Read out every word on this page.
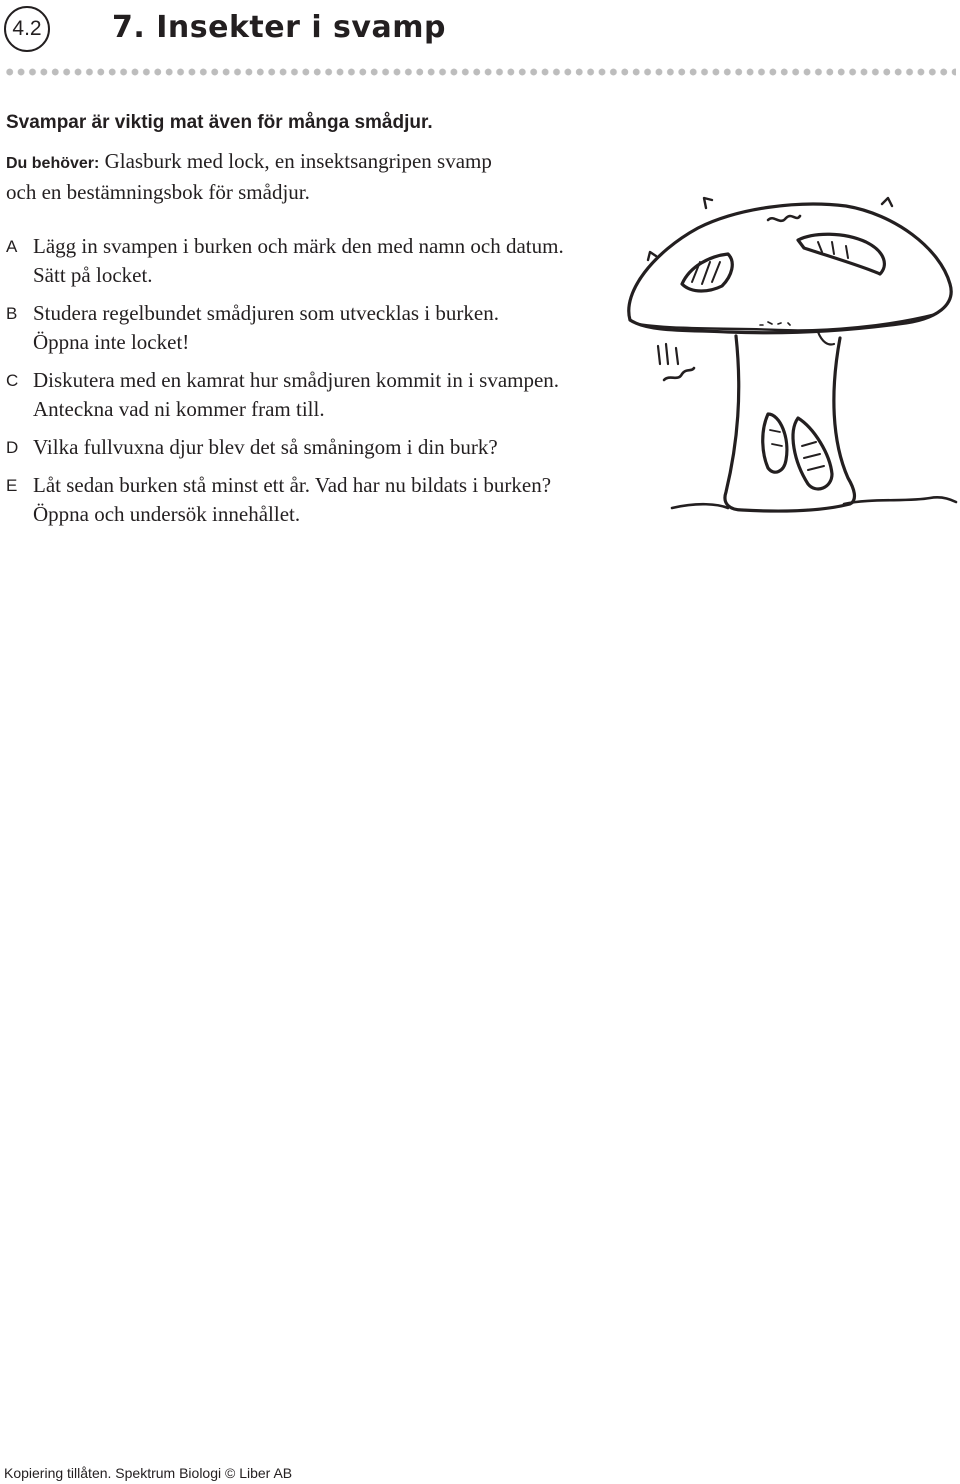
4.2 7. Insekter i svamp

Svampar är viktig mat även för många smådjur.

Du behöver: Glasburk med lock, en insektsangripen svamp
och en bestämningsbok för smådjur.

A Lägg in svampen i burken och märk den med namn och datum.
Sätt på locket.
B Studera regelbundet smådjuren som utvecklas i burken.
Öppna inte locket!
C Diskutera med en kamrat hur smådjuren kommit in i svampen.
Anteckna vad ni kommer fram till.
D Vilka fullvuxna djur blev det så småningom i din burk?
E Låt sedan burken stå minst ett år. Vad har nu bildats i burken?
Öppna och undersök innehållet.

Kopiering tillåten. Spektrum Biologi © Liber AB
